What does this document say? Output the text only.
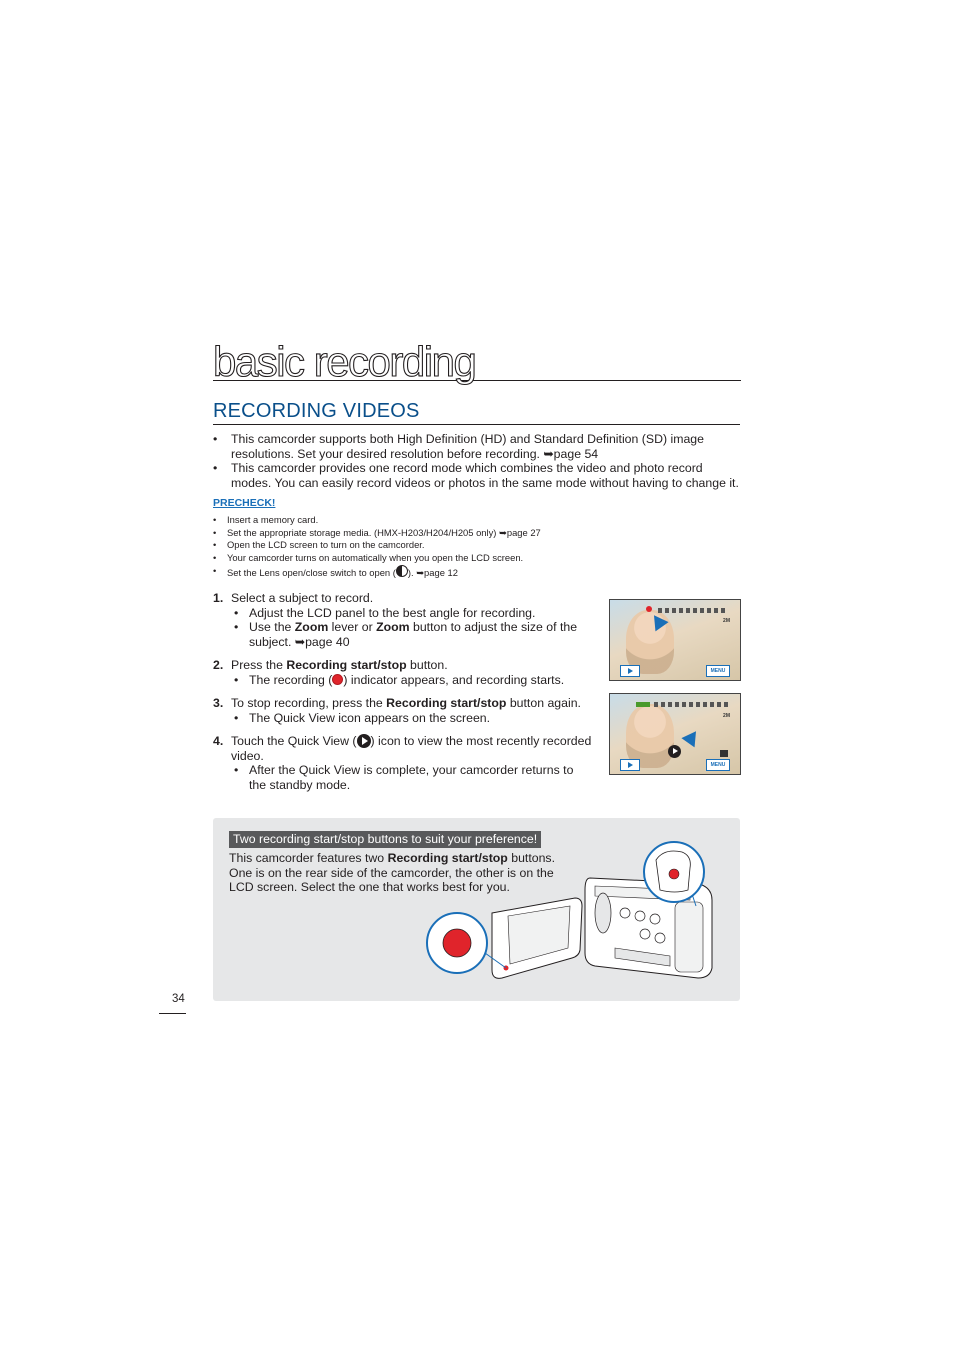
basic recording
RECORDING VIDEOS
• This camcorder supports both High Definition (HD) and Standard Definition (SD) image resolutions. Set your desired resolution before recording. ➥page 54
• This camcorder provides one record mode which combines the video and photo record modes. You can easily record videos or photos in the same mode without having to change it.
PRECHECK!
• Insert a memory card.
• Set the appropriate storage media. (HMX-H203/H204/H205 only) ➥page 27
• Open the LCD screen to turn on the camcorder.
• Your camcorder turns on automatically when you open the LCD screen.
• Set the Lens open/close switch to open ( ). ➥page 12
1. Select a subject to record.
• Adjust the LCD panel to the best angle for recording.
• Use the Zoom lever or Zoom button to adjust the size of the subject. ➥page 40
2. Press the Recording start/stop button.
• The recording ( ) indicator appears, and recording starts.
3. To stop recording, press the Recording start/stop button again.
• The Quick View icon appears on the screen.
4. Touch the Quick View ( ) icon to view the most recently recorded video.
• After the Quick View is complete, your camcorder returns to the standby mode.
2M
MENU
2M
MENU
Two recording start/stop buttons to suit your preference!
This camcorder features two Recording start/stop buttons. One is on the rear side of the camcorder, the other is on the LCD screen. Select the one that works best for you.
34
